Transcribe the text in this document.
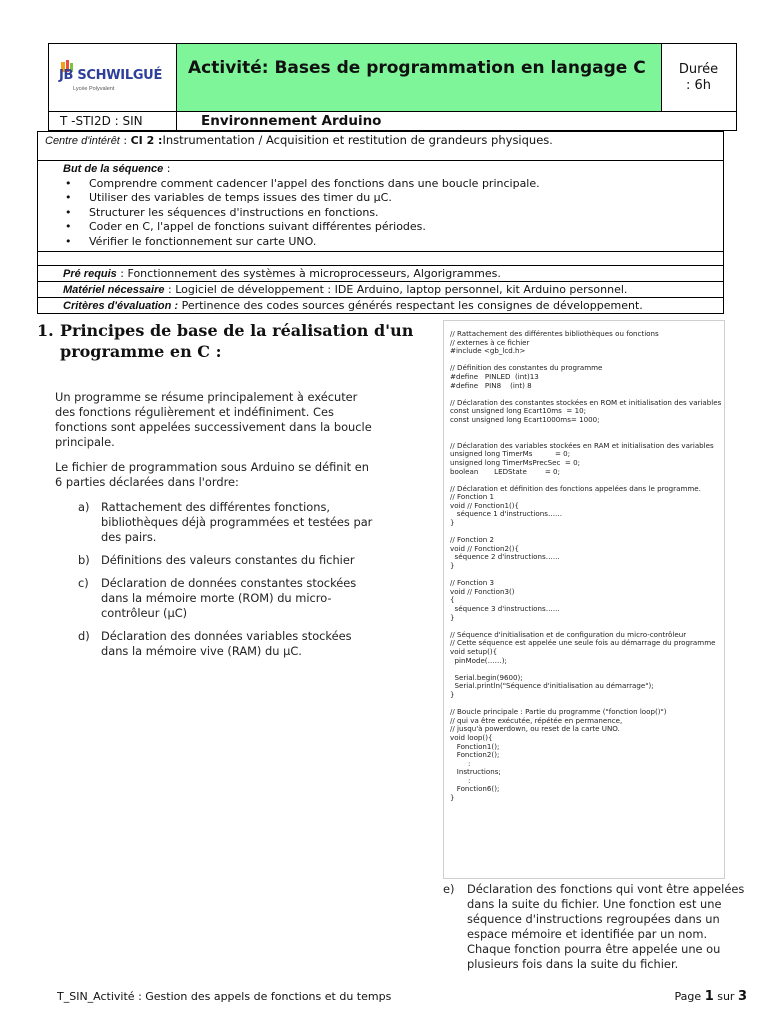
JB SCHWILGUÉ
Lycée Polyvalent
Activité: Bases de programmation en langage C	Durée
: 6h
T -STI2D : SIN	Environnement Arduino
Centre d'intérêt : CI 2 :Instrumentation / Acquisition et restitution de grandeurs physiques.
But de la séquence :
• Comprendre comment cadencer l'appel des fonctions dans une boucle principale.
• Utiliser des variables de temps issues des timer du µC.
• Structurer les séquences d'instructions en fonctions.
• Coder en C, l'appel de fonctions suivant différentes périodes.
• Vérifier le fonctionnement sur carte UNO.
Pré requis : Fonctionnement des systèmes à microprocesseurs, Algorigrammes.
Matériel nécessaire : Logiciel de développement : IDE Arduino, laptop personnel, kit Arduino personnel.
Critères d'évaluation : Pertinence des codes sources générés respectant les consignes de développement.
1. Principes de base de la réalisation d'un
programme en C :

Un programme se résume principalement à exécuter des fonctions régulièrement et indéfiniment. Ces fonctions sont appelées successivement dans la boucle principale.

Le fichier de programmation sous Arduino se définit en 6 parties déclarées dans l'ordre:

a) Rattachement des différentes fonctions, bibliothèques déjà programmées et testées par des pairs.
b) Définitions des valeurs constantes du fichier
c) Déclaration de données constantes stockées dans la mémoire morte (ROM) du micro-contrôleur (µC)
d) Déclaration des données variables stockées dans la mémoire vive (RAM) du µC.
// Rattachement des différentes bibliothèques ou fonctions
// externes à ce fichier
#include <gb_lcd.h>
// Définition des constantes du programme
#define   PINLED  (int)13
#define   PIN8    (int) 8
// Déclaration des constantes stockées en ROM et initialisation des variables
const unsigned long Ecart10ms  = 10;
const unsigned long Ecart1000ms= 1000;
// Déclaration des variables stockées en RAM et initialisation des variables
unsigned long TimerMs          = 0;
unsigned long TimerMsPrecSec  = 0;
boolean       LEDState        = 0;
// Déclaration et définition des fonctions appelées dans le programme.
// Fonction 1
void // Fonction1(){
séquence 1 d'instructions……
}
// Fonction 2
void // Fonction2(){
séquence 2 d'instructions……
}
// Fonction 3
void // Fonction3()
{
séquence 3 d'instructions……
}
// Séquence d'initialisation et de configuration du micro-contrôleur
// Cette séquence est appelée une seule fois au démarrage du programme
void setup(){
pinMode(……);
Serial.begin(9600);
Serial.println("Séquence d'initialisation au démarrage");
}
// Boucle principale : Partie du programme ("fonction loop()")
// qui va être exécutée, répétée en permanence,
// jusqu'à powerdown, ou reset de la carte UNO.
void loop(){
Fonction1();
Fonction2();
:
Instructions;
:
Fonction6();
}
e) Déclaration des fonctions qui vont être appelées dans la suite du fichier. Une fonction est une séquence d'instructions regroupées dans un espace mémoire et identifiée par un nom. Chaque fonction pourra être appelée une ou plusieurs fois dans la suite du fichier.
T_SIN_Activité : Gestion des appels de fonctions et du temps	Page 1 sur 3
